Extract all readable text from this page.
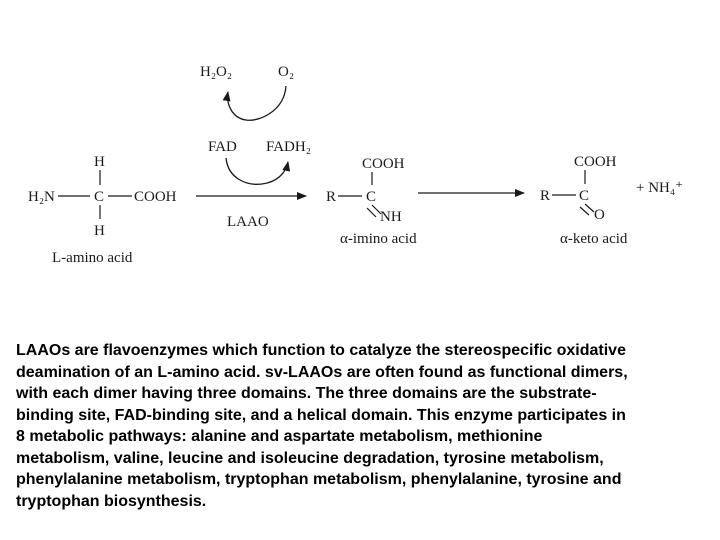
H₂O₂	O₂
FAD FADH₂
H
H₂N	C COOH
H
L-amino acid
LAAO
COOH
R C
NH
α-imino acid
COOH
R C
O
α-keto acid
+ NH₄⁺
LAAOs are flavoenzymes which function to catalyze the stereospecific oxidative
deamination of an L-amino acid. sv-LAAOs are often found as functional dimers,
with each dimer having three domains. The three domains are the substrate-
binding site, FAD-binding site, and a helical domain. This enzyme participates in
8 metabolic pathways: alanine and aspartate metabolism, methionine
metabolism, valine, leucine and isoleucine degradation, tyrosine metabolism,
phenylalanine metabolism, tryptophan metabolism, phenylalanine, tyrosine and
tryptophan biosynthesis.
